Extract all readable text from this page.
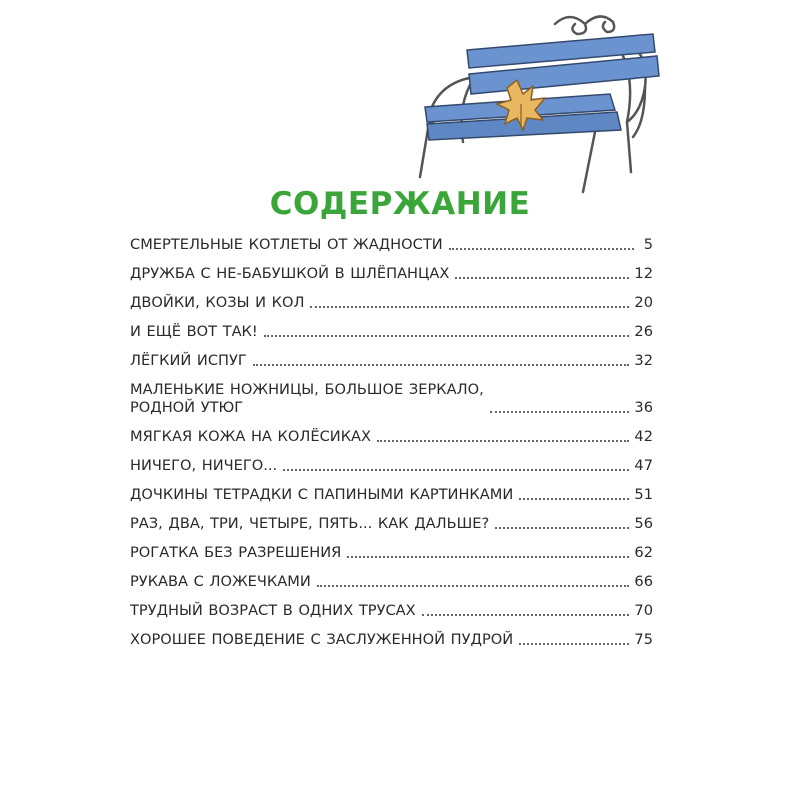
СОДЕРЖАНИЕ
СМЕРТЕЛЬНЫЕ КОТЛЕТЫ ОТ ЖАДНОСТИ	5
ДРУЖБА С НЕ-БАБУШКОЙ В ШЛЁПАНЦАХ	12
ДВОЙКИ, КОЗЫ И КОЛ	20
И ЕЩЁ ВОТ ТАК!	26
ЛЁГКИЙ ИСПУГ	32
МАЛЕНЬКИЕ НОЖНИЦЫ, БОЛЬШОЕ ЗЕРКАЛО,
РОДНОЙ УТЮГ	36
МЯГКАЯ КОЖА НА КОЛЁСИКАХ	42
НИЧЕГО, НИЧЕГО...	47
ДОЧКИНЫ ТЕТРАДКИ С ПАПИНЫМИ КАРТИНКАМИ	51
РАЗ, ДВА, ТРИ, ЧЕТЫРЕ, ПЯТЬ... КАК ДАЛЬШЕ?	56
РОГАТКА БЕЗ РАЗРЕШЕНИЯ	62
РУКАВА С ЛОЖЕЧКАМИ	66
ТРУДНЫЙ ВОЗРАСТ В ОДНИХ ТРУСАХ	70
ХОРОШЕЕ ПОВЕДЕНИЕ С ЗАСЛУЖЕННОЙ ПУДРОЙ	75
